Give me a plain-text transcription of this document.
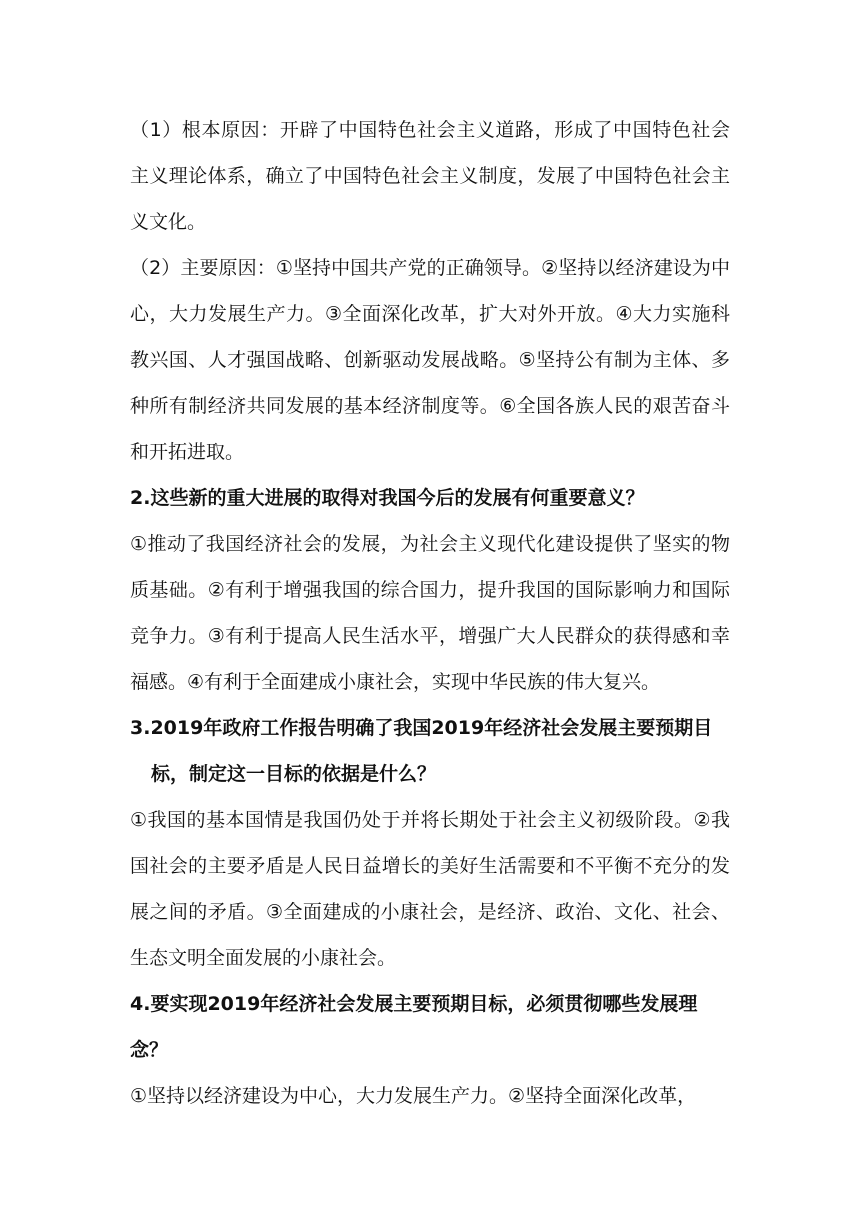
（1）根本原因：开辟了中国特色社会主义道路，形成了中国特色社会主义理论体系，确立了中国特色社会主义制度，发展了中国特色社会主义文化。

（2）主要原因：①坚持中国共产党的正确领导。②坚持以经济建设为中心，大力发展生产力。③全面深化改革，扩大对外开放。④大力实施科教兴国、人才强国战略、创新驱动发展战略。⑤坚持公有制为主体、多种所有制经济共同发展的基本经济制度等。⑥全国各族人民的艰苦奋斗和开拓进取。

2.这些新的重大进展的取得对我国今后的发展有何重要意义？

①推动了我国经济社会的发展，为社会主义现代化建设提供了坚实的物质基础。②有利于增强我国的综合国力，提升我国的国际影响力和国际竞争力。③有利于提高人民生活水平，增强广大人民群众的获得感和幸福感。④有利于全面建成小康社会，实现中华民族的伟大复兴。

3.2019年政府工作报告明确了我国2019年经济社会发展主要预期目标，制定这一目标的依据是什么？

①我国的基本国情是我国仍处于并将长期处于社会主义初级阶段。②我国社会的主要矛盾是人民日益增长的美好生活需要和不平衡不充分的发展之间的矛盾。③全面建成的小康社会，是经济、政治、文化、社会、生态文明全面发展的小康社会。

4.要实现2019年经济社会发展主要预期目标，必须贯彻哪些发展理念？

①坚持以经济建设为中心，大力发展生产力。②坚持全面深化改革，
